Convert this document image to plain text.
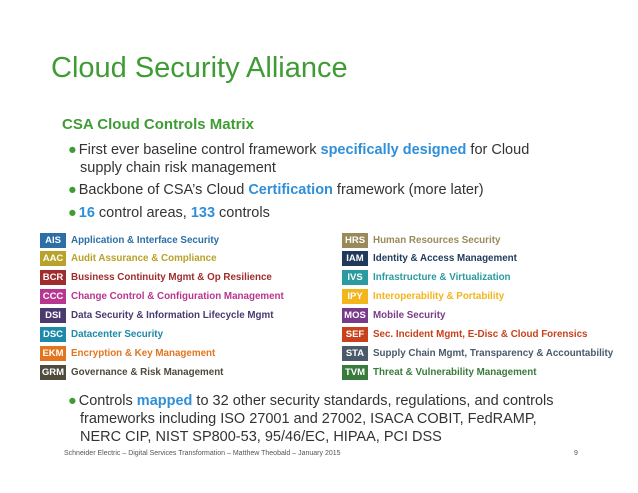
Cloud Security Alliance
CSA Cloud Controls Matrix
● First ever baseline control framework specifically designed for Cloud
supply chain risk management
● Backbone of CSA’s Cloud Certification framework (more later)
● 16 control areas, 133 controls
● Controls mapped to 32 other security standards, regulations, and controls
frameworks including ISO 27001 and 27002, ISACA COBIT, FedRAMP,
NERC CIP, NIST SP800-53, 95/46/EC, HIPAA, PCI DSS
AIS	Application & Interface Security
AAC Audit Assurance & Compliance
BCR Business Continuity Mgmt & Op Resilience
CCC Change Control & Configuration Management
DSI	Data Security & Information Lifecycle Mgmt
DSC Datacenter Security
EKM Encryption & Key Management
GRM Governance & Risk Management
HRS Human Resources Security
IAM Identity & Access Management
IVS	Infrastructure & Virtualization
IPY	Interoperability & Portability
MOS Mobile Security
SEF Sec. Incident Mgmt, E-Disc & Cloud Forensics
STA Supply Chain Mgmt, Transparency & Accountability
TVM Threat & Vulnerability Management
Schneider Electric – Digital Services Transformation – Matthew Theobald – January 2015	9
